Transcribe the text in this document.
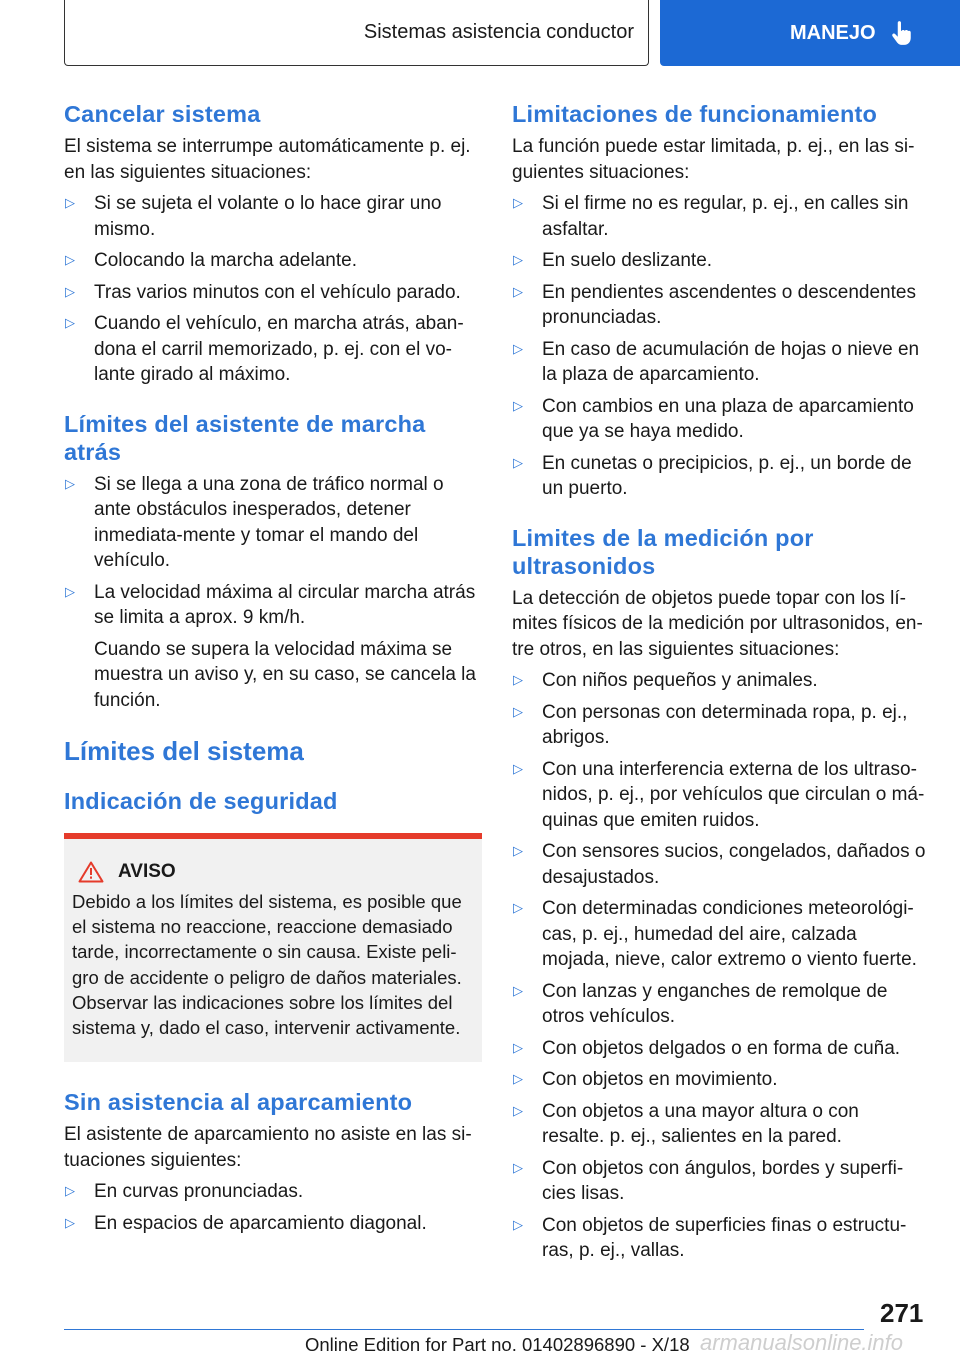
Sistemas asistencia conductor	MANEJO
Cancelar sistema
El sistema se interrumpe automáticamente p. ej. en las siguientes situaciones:
▷ Si se sujeta el volante o lo hace girar uno mismo.
▷ Colocando la marcha adelante.
▷ Tras varios minutos con el vehículo parado.
▷ Cuando el vehículo, en marcha atrás, aban-dona el carril memorizado, p. ej. con el vo-lante girado al máximo.
Límites del asistente de marcha atrás
▷ Si se llega a una zona de tráfico normal o ante obstáculos inesperados, detener inmediata-mente y tomar el mando del vehículo.
▷ La velocidad máxima al circular marcha atrás se limita a aprox. 9 km/h.
Cuando se supera la velocidad máxima se muestra un aviso y, en su caso, se cancela la función.
Límites del sistema
Indicación de seguridad
AVISO
Debido a los límites del sistema, es posible que el sistema no reaccione, reaccione demasiado tarde, incorrectamente o sin causa. Existe peli-gro de accidente o peligro de daños materiales. Observar las indicaciones sobre los límites del sistema y, dado el caso, intervenir activamente.
Sin asistencia al aparcamiento
El asistente de aparcamiento no asiste en las si-tuaciones siguientes:
▷ En curvas pronunciadas.
▷ En espacios de aparcamiento diagonal.
Limitaciones de funcionamiento
La función puede estar limitada, p. ej., en las si-guientes situaciones:
▷ Si el firme no es regular, p. ej., en calles sin asfaltar.
▷ En suelo deslizante.
▷ En pendientes ascendentes o descendentes pronunciadas.
▷ En caso de acumulación de hojas o nieve en la plaza de aparcamiento.
▷ Con cambios en una plaza de aparcamiento que ya se haya medido.
▷ En cunetas o precipicios, p. ej., un borde de un puerto.
Limites de la medición por ultrasonidos
La detección de objetos puede topar con los lí-mites físicos de la medición por ultrasonidos, en-tre otros, en las siguientes situaciones:
▷ Con niños pequeños y animales.
▷ Con personas con determinada ropa, p. ej., abrigos.
▷ Con una interferencia externa de los ultraso-nidos, p. ej., por vehículos que circulan o má-quinas que emiten ruidos.
▷ Con sensores sucios, congelados, dañados o desajustados.
▷ Con determinadas condiciones meteorológi-cas, p. ej., humedad del aire, calzada mojada, nieve, calor extremo o viento fuerte.
▷ Con lanzas y enganches de remolque de otros vehículos.
▷ Con objetos delgados o en forma de cuña.
▷ Con objetos en movimiento.
▷ Con objetos a una mayor altura o con resalte. p. ej., salientes en la pared.
▷ Con objetos con ángulos, bordes y superfi-cies lisas.
▷ Con objetos de superficies finas o estructu-ras, p. ej., vallas.
271
Online Edition for Part no. 01402896890 - X/18 armanualsonline.info
